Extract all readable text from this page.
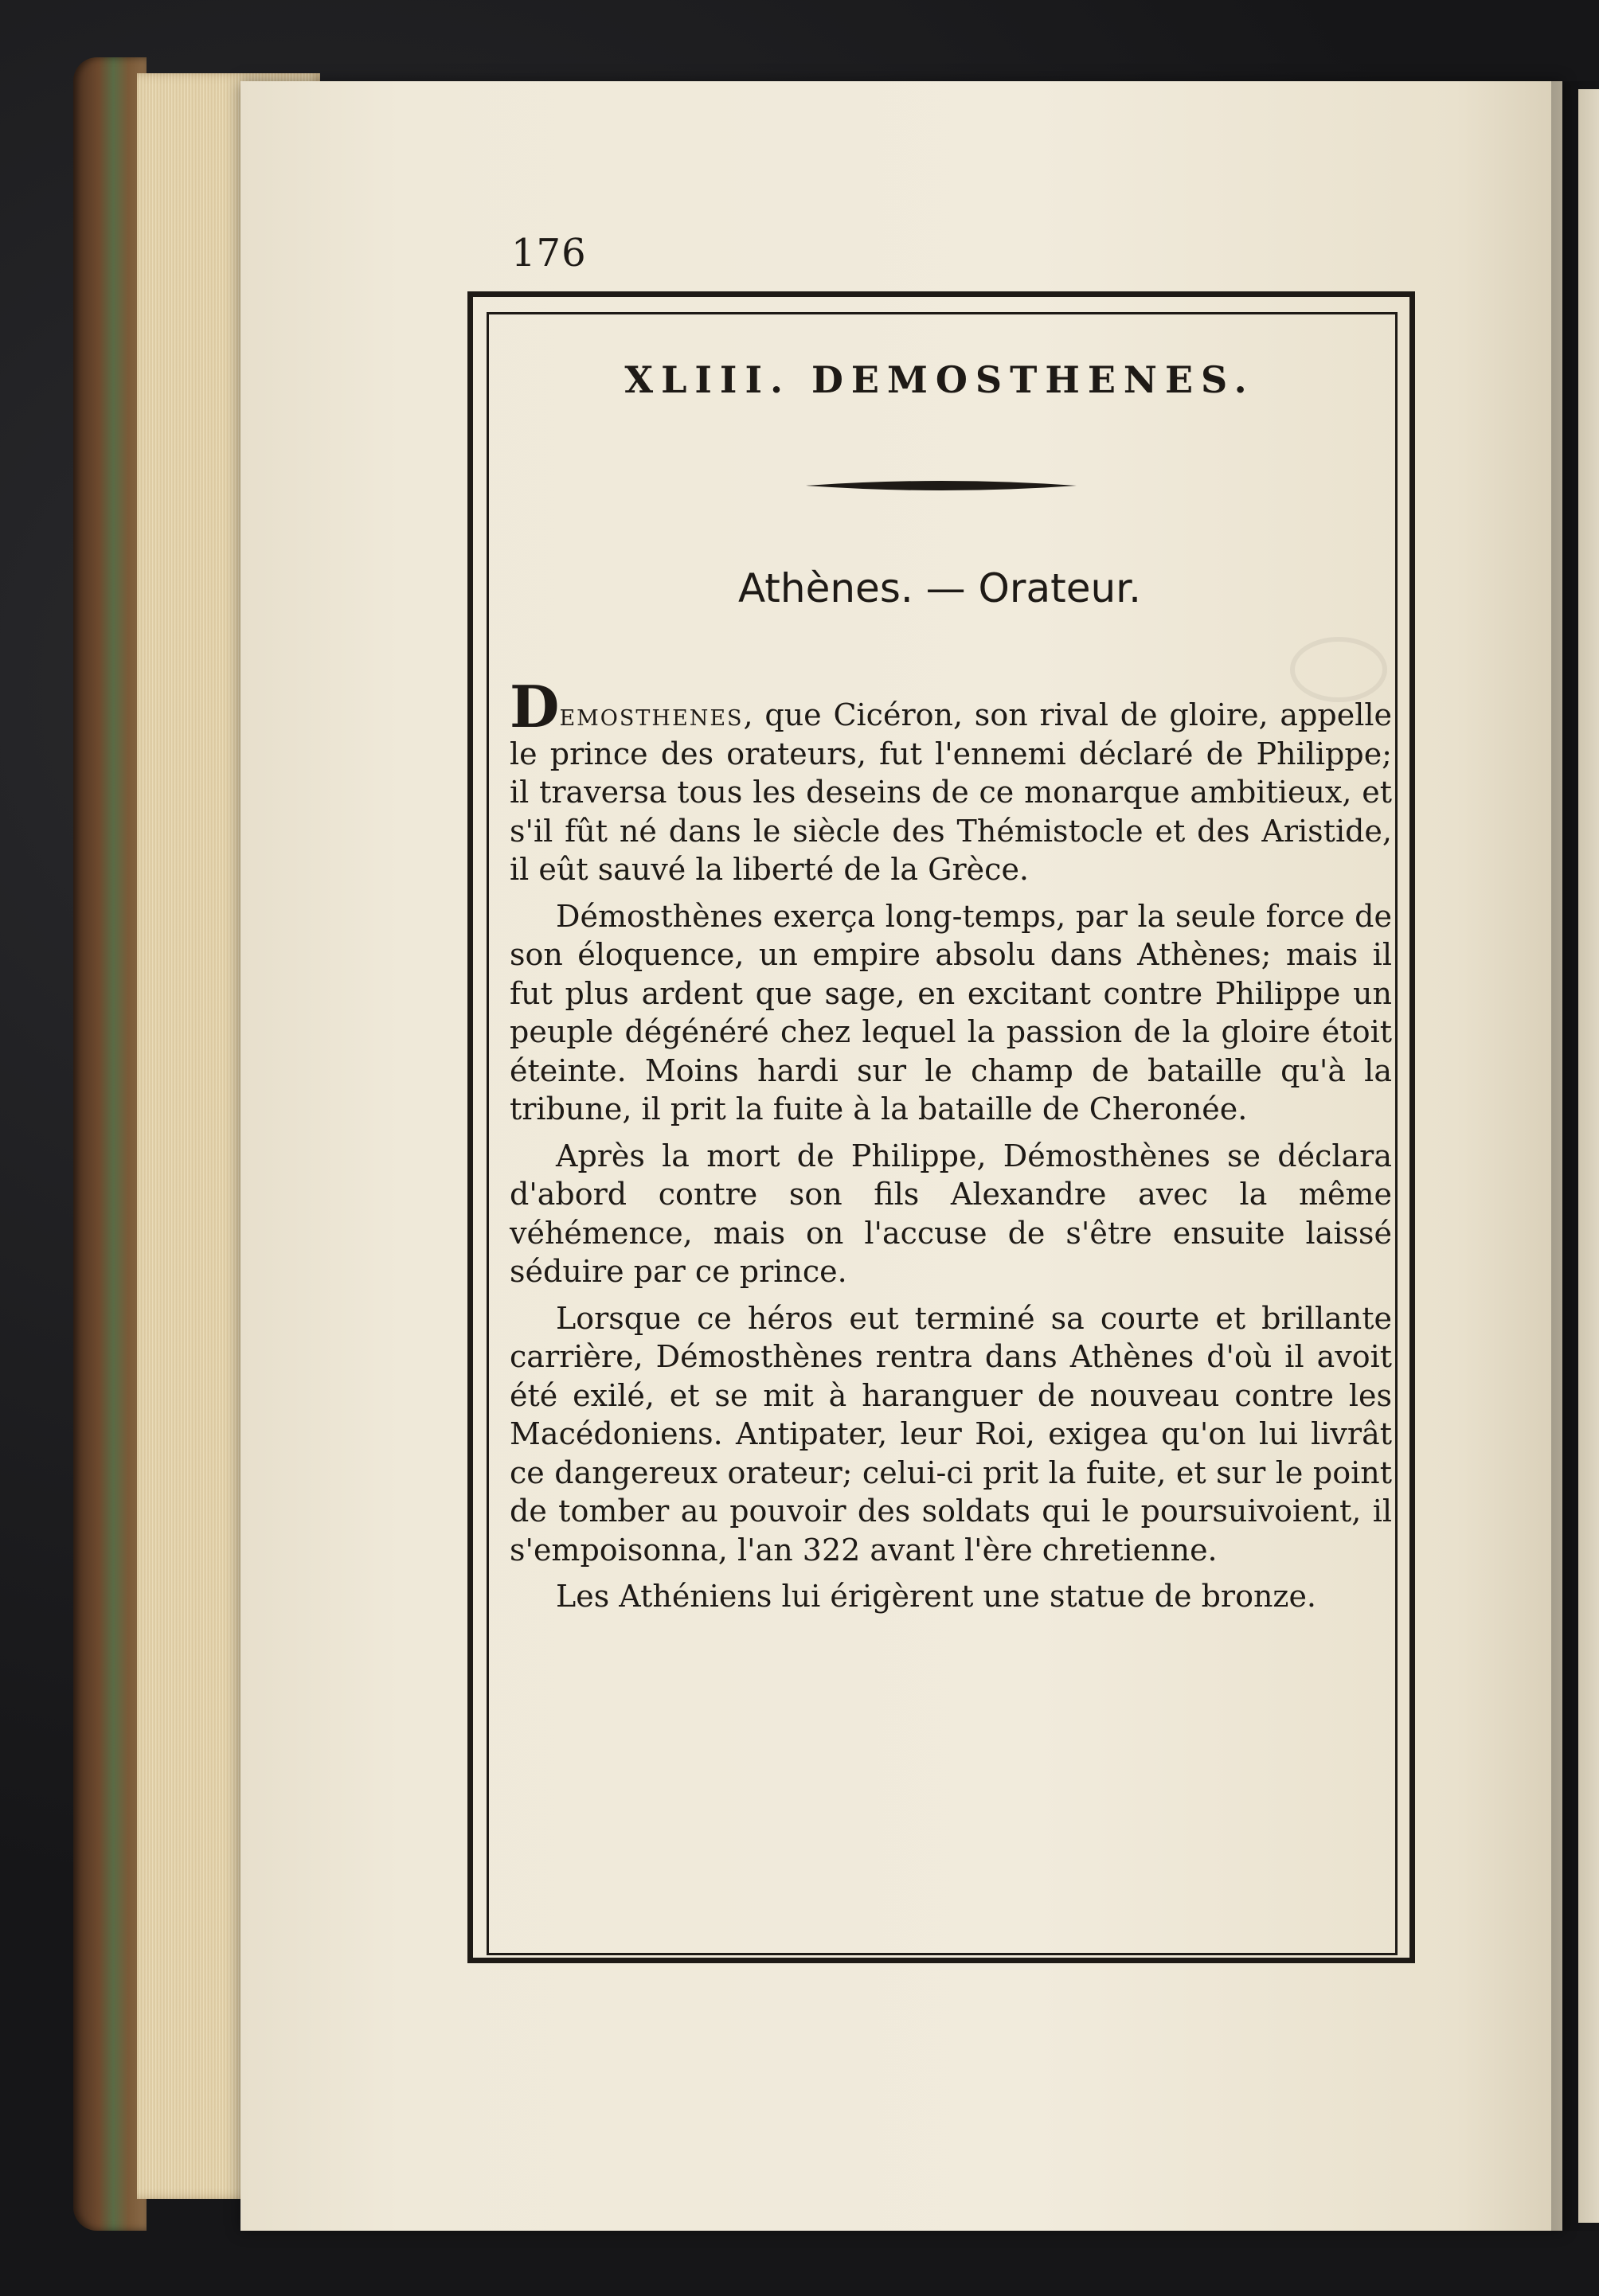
176
XLIII. DEMOSTHENES.
Athènes. — Orateur.

Demosthenes, que Cicéron, son rival de gloire, appelle le prince des orateurs, fut l'ennemi déclaré de Philippe; il traversa tous les deseins de ce monarque ambitieux, et s'il fût né dans le siècle des Thémistocle et des Aristide, il eût sauvé la liberté de la Grèce.

Démosthènes exerça long-temps, par la seule force de son éloquence, un empire absolu dans Athènes; mais il fut plus ardent que sage, en excitant contre Philippe un peuple dégénéré chez lequel la passion de la gloire étoit éteinte. Moins hardi sur le champ de bataille qu'à la tribune, il prit la fuite à la bataille de Cheronée.

Après la mort de Philippe, Démosthènes se déclara d'abord contre son fils Alexandre avec la même véhémence, mais on l'accuse de s'être ensuite laissé séduire par ce prince.

Lorsque ce héros eut terminé sa courte et brillante carrière, Démosthènes rentra dans Athènes d'où il avoit été exilé, et se mit à haranguer de nouveau contre les Macédoniens. Antipater, leur Roi, exigea qu'on lui livrât ce dangereux orateur; celui-ci prit la fuite, et sur le point de tomber au pouvoir des soldats qui le poursuivoient, il s'empoisonna, l'an 322 avant l'ère chretienne.

Les Athéniens lui érigèrent une statue de bronze.
